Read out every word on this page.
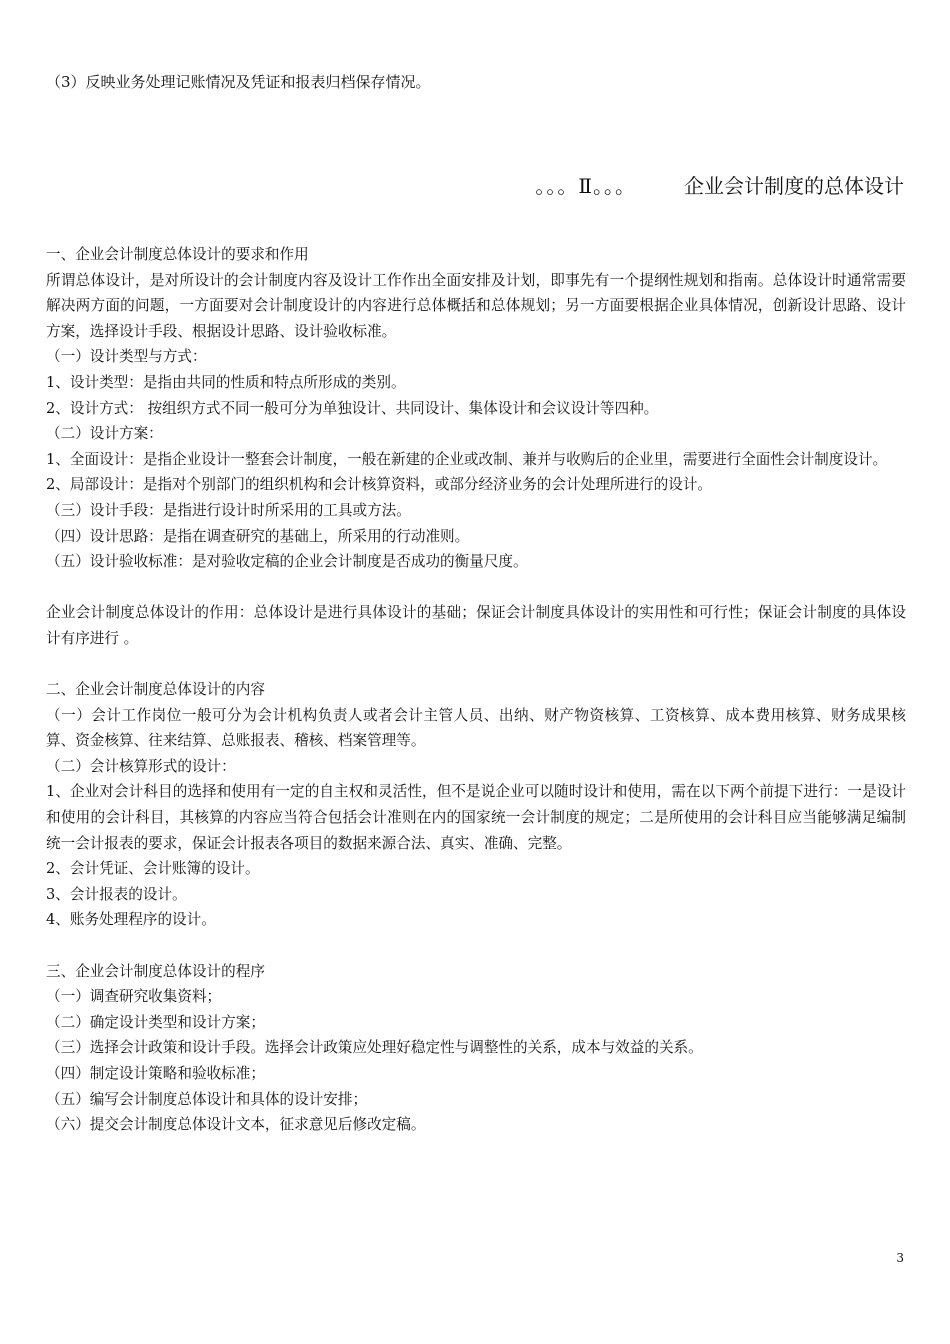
（3）反映业务处理记账情况及凭证和报表归档保存情况。
。。。Ⅱ。。。 企业会计制度的总体设计

一、企业会计制度总体设计的要求和作用

所谓总体设计，是对所设计的会计制度内容及设计工作作出全面安排及计划，即事先有一个提纲性规划和指南。总体设计时通常需要解决两方面的问题，一方面要对会计制度设计的内容进行总体概括和总体规划；另一方面要根据企业具体情况，创新设计思路、设计方案，选择设计手段、根据设计思路、设计验收标准。

（一）设计类型与方式：

1、设计类型：是指由共同的性质和特点所形成的类别。

2、设计方式： 按组织方式不同一般可分为单独设计、共同设计、集体设计和会议设计等四种。

（二）设计方案：

1、全面设计：是指企业设计一整套会计制度，一般在新建的企业或改制、兼并与收购后的企业里，需要进行全面性会计制度设计。

2、局部设计：是指对个别部门的组织机构和会计核算资料，或部分经济业务的会计处理所进行的设计。

（三）设计手段：是指进行设计时所采用的工具或方法。

（四）设计思路：是指在调查研究的基础上，所采用的行动准则。

（五）设计验收标准：是对验收定稿的企业会计制度是否成功的衡量尺度。

企业会计制度总体设计的作用：总体设计是进行具体设计的基础；保证会计制度具体设计的实用性和可行性；保证会计制度的具体设计有序进行 。

二、企业会计制度总体设计的内容

（一）会计工作岗位一般可分为会计机构负责人或者会计主管人员、出纳、财产物资核算、工资核算、成本费用核算、财务成果核算、资金核算、往来结算、总账报表、稽核、档案管理等。

（二）会计核算形式的设计：

1、企业对会计科目的选择和使用有一定的自主权和灵活性，但不是说企业可以随时设计和使用，需在以下两个前提下进行：一是设计和使用的会计科目，其核算的内容应当符合包括会计准则在内的国家统一会计制度的规定；二是所使用的会计科目应当能够满足编制统一会计报表的要求，保证会计报表各项目的数据来源合法、真实、准确、完整。

2、会计凭证、会计账簿的设计。

3、会计报表的设计。

4、账务处理程序的设计。

三、企业会计制度总体设计的程序

（一）调查研究收集资料；

（二）确定设计类型和设计方案；

（三）选择会计政策和设计手段。选择会计政策应处理好稳定性与调整性的关系，成本与效益的关系。

（四）制定设计策略和验收标准；

（五）编写会计制度总体设计和具体的设计安排；

（六）提交会计制度总体设计文本，征求意见后修改定稿。

3
